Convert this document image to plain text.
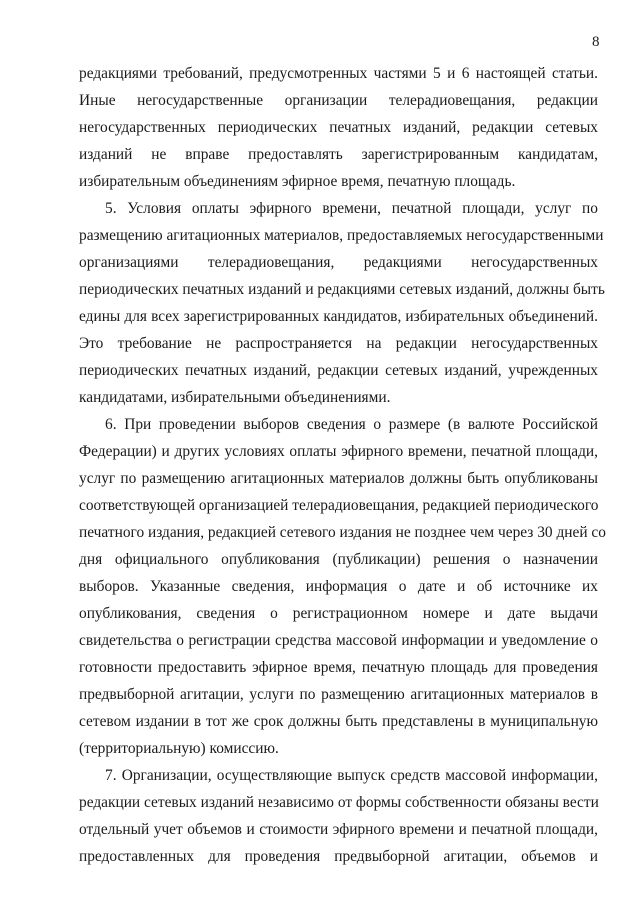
8
редакциями требований, предусмотренных частями 5 и 6 настоящей статьи.
Иные негосударственные организации телерадиовещания, редакции
негосударственных периодических печатных изданий, редакции сетевых
изданий не вправе предоставлять зарегистрированным кандидатам,
избирательным объединениям эфирное время, печатную площадь.
5. Условия оплаты эфирного времени, печатной площади, услуг по
размещению агитационных материалов, предоставляемых негосударственными
организациями телерадиовещания, редакциями негосударственных
периодических печатных изданий и редакциями сетевых изданий, должны быть
едины для всех зарегистрированных кандидатов, избирательных объединений.
Это требование не распространяется на редакции негосударственных
периодических печатных изданий, редакции сетевых изданий, учрежденных
кандидатами, избирательными объединениями.
6. При проведении выборов сведения о размере (в валюте Российской
Федерации) и других условиях оплаты эфирного времени, печатной площади,
услуг по размещению агитационных материалов должны быть опубликованы
соответствующей организацией телерадиовещания, редакцией периодического
печатного издания, редакцией сетевого издания не позднее чем через 30 дней со
дня официального опубликования (публикации) решения о назначении
выборов. Указанные сведения, информация о дате и об источнике их
опубликования, сведения о регистрационном номере и дате выдачи
свидетельства о регистрации средства массовой информации и уведомление о
готовности предоставить эфирное время, печатную площадь для проведения
предвыборной агитации, услуги по размещению агитационных материалов в
сетевом издании в тот же срок должны быть представлены в муниципальную
(территориальную) комиссию.
7. Организации, осуществляющие выпуск средств массовой информации,
редакции сетевых изданий независимо от формы собственности обязаны вести
отдельный учет объемов и стоимости эфирного времени и печатной площади,
предоставленных для проведения предвыборной агитации, объемов и
